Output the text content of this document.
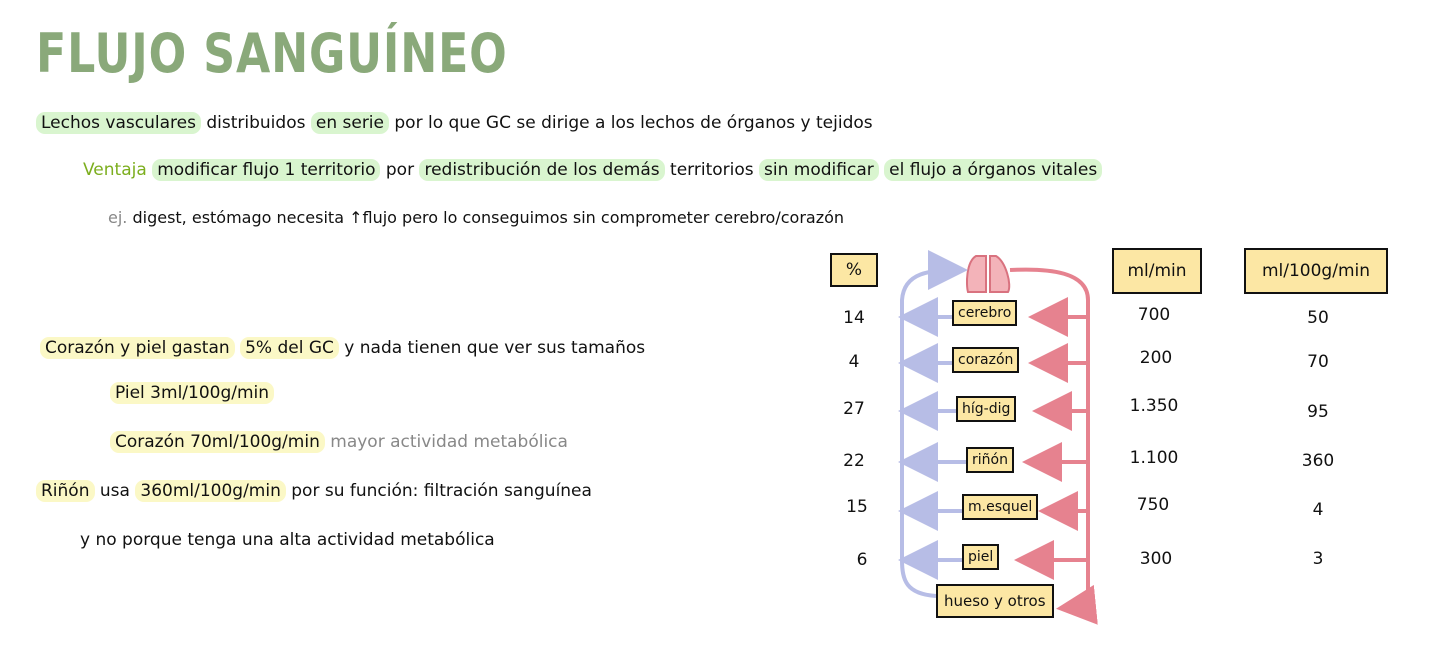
FLUJO SANGUÍNEO
Lechos vasculares distribuidos en serie por lo que GC se dirige a los lechos de órganos y tejidos
Ventaja modificar flujo 1 territorio por redistribución de los demás territorios sin modificar el flujo a órganos vitales
ej. digest, estómago necesita ↑flujo pero lo conseguimos sin comprometer cerebro/corazón
Corazón y piel gastan 5% del GC y nada tienen que ver sus tamaños
Piel 3ml/100g/min
Corazón 70ml/100g/min mayor actividad metabólica
Riñón usa 360ml/100g/min por su función: filtración sanguínea
y no porque tenga una alta actividad metabólica
%	ml/min	ml/100g/min
cerebro
corazón
híg-dig
riñón
m.esquel
piel
hueso y otros
14
4
27
22
15
6
700
200
1.350
1.100
750
300
50
70
95
360
4
3
